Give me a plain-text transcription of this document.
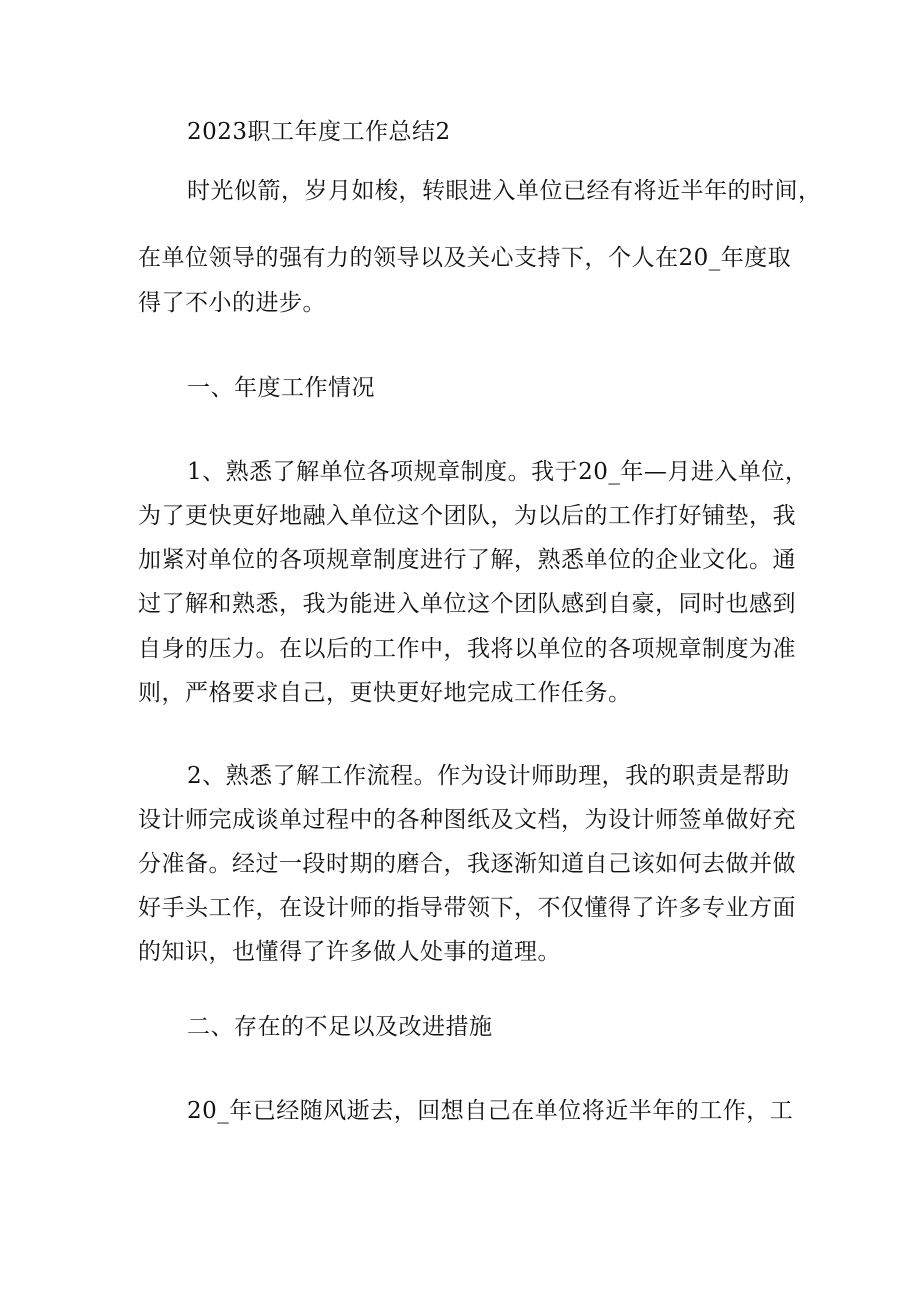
2023职工年度工作总结2
时光似箭，岁月如梭，转眼进入单位已经有将近半年的时间，
在单位领导的强有力的领导以及关心支持下，个人在20_年度取
得了不小的进步。
一、年度工作情况
1、熟悉了解单位各项规章制度。我于20_年—月进入单位，
为了更快更好地融入单位这个团队，为以后的工作打好铺垫，我
加紧对单位的各项规章制度进行了解，熟悉单位的企业文化。通
过了解和熟悉，我为能进入单位这个团队感到自豪，同时也感到
自身的压力。在以后的工作中，我将以单位的各项规章制度为准
则，严格要求自己，更快更好地完成工作任务。
2、熟悉了解工作流程。作为设计师助理，我的职责是帮助
设计师完成谈单过程中的各种图纸及文档，为设计师签单做好充
分准备。经过一段时期的磨合，我逐渐知道自己该如何去做并做
好手头工作，在设计师的指导带领下，不仅懂得了许多专业方面
的知识，也懂得了许多做人处事的道理。
二、存在的不足以及改进措施
20_年已经随风逝去，回想自己在单位将近半年的工作，工
